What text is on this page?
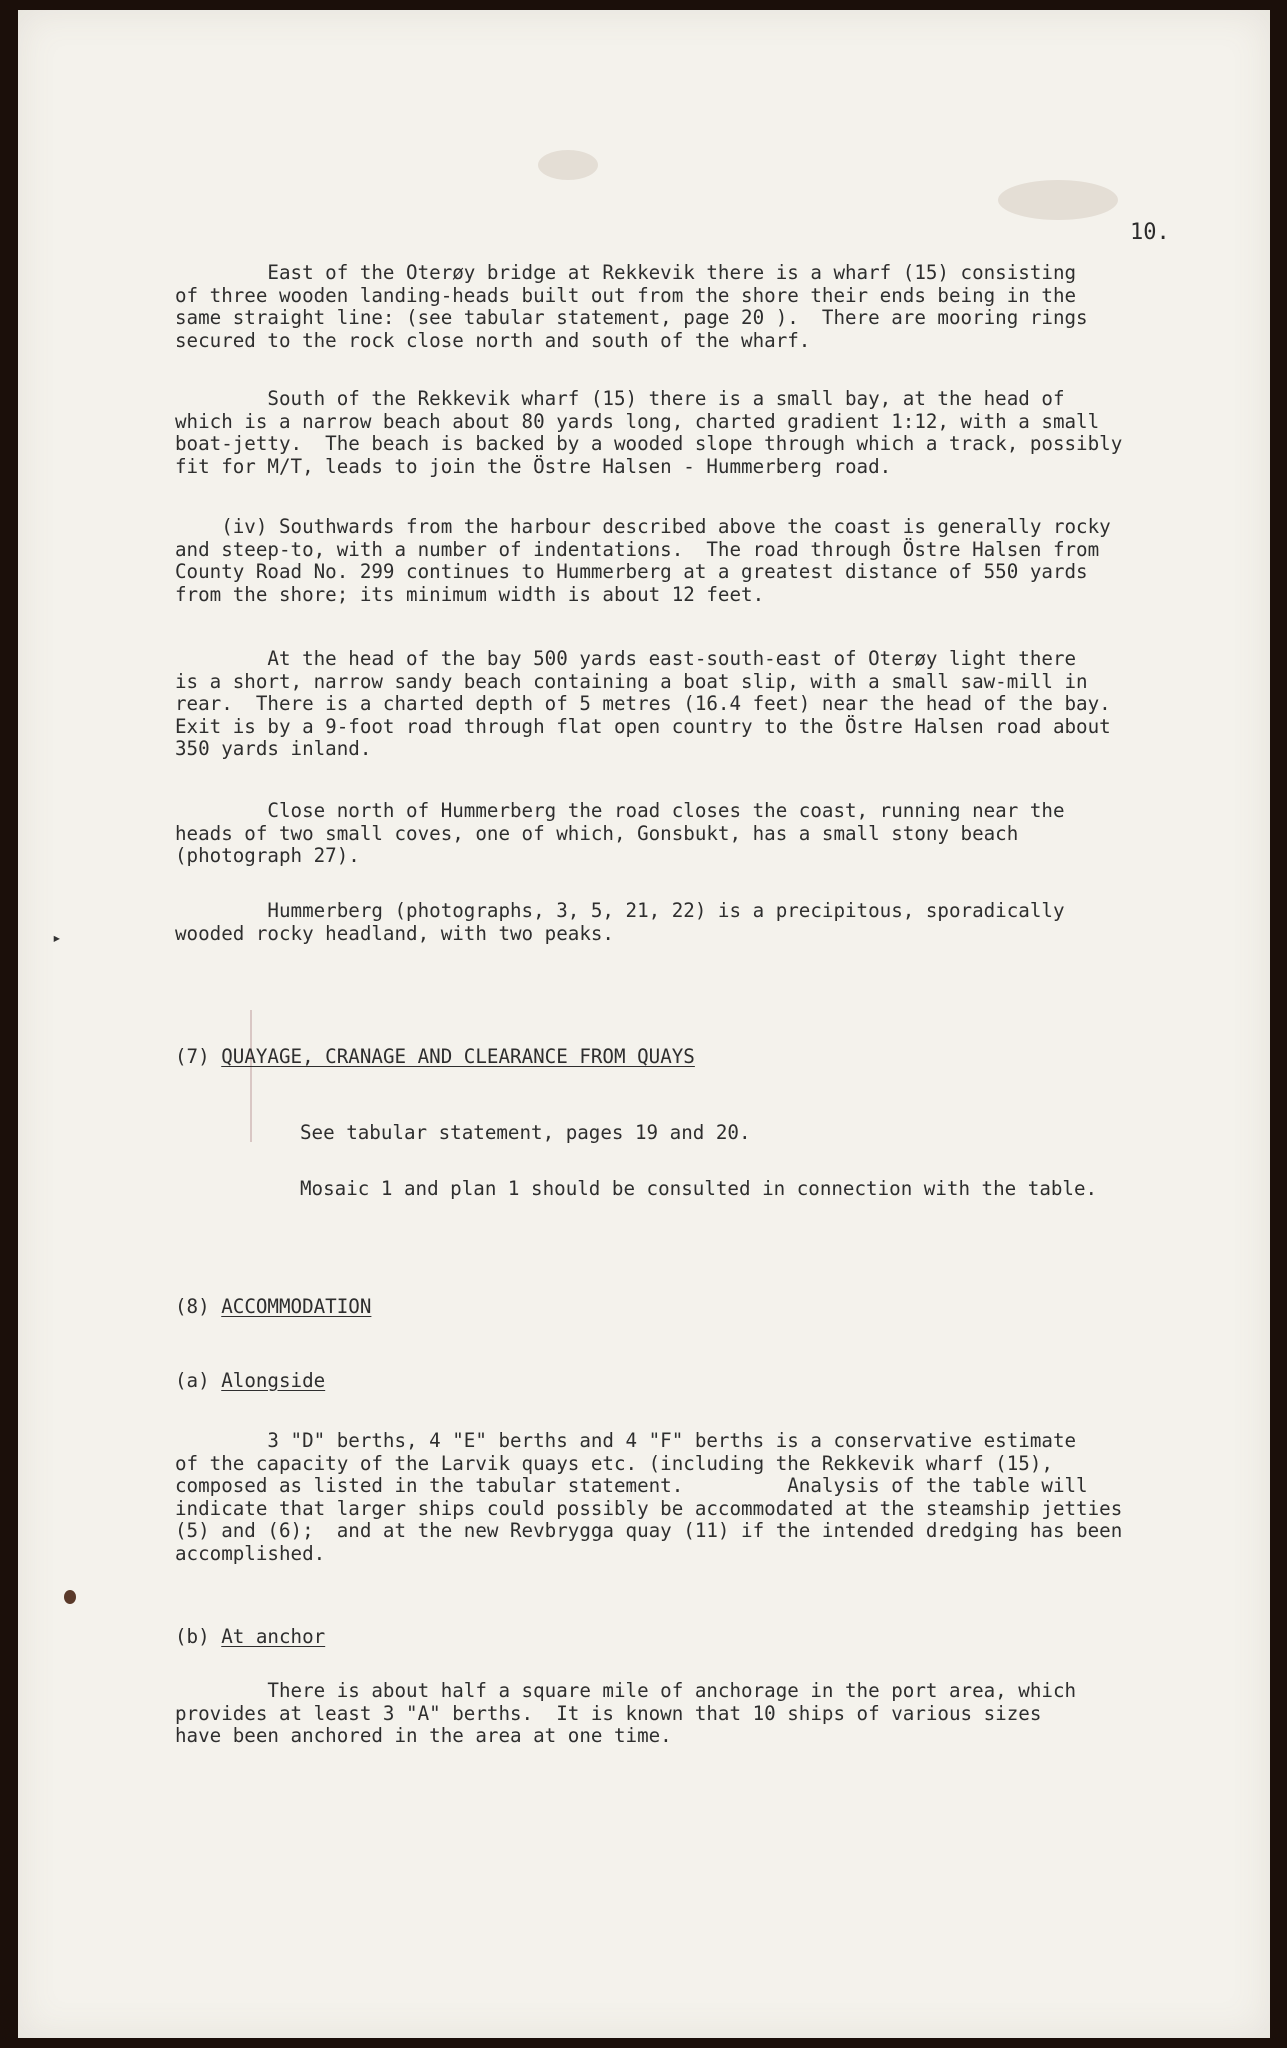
▸
10.
East of the Oterøy bridge at Rekkevik there is a wharf (15) consisting
of three wooden landing-heads built out from the shore their ends being in the
same straight line: (see tabular statement, page 20 ).  There are mooring rings
secured to the rock close north and south of the wharf.
South of the Rekkevik wharf (15) there is a small bay, at the head of
which is a narrow beach about 80 yards long, charted gradient 1:12, with a small
boat-jetty.  The beach is backed by a wooded slope through which a track, possibly
fit for M/T, leads to join the Östre Halsen - Hummerberg road.
(iv) Southwards from the harbour described above the coast is generally rocky
and steep-to, with a number of indentations.  The road through Östre Halsen from
County Road No. 299 continues to Hummerberg at a greatest distance of 550 yards
from the shore; its minimum width is about 12 feet.
At the head of the bay 500 yards east-south-east of Oterøy light there
is a short, narrow sandy beach containing a boat slip, with a small saw-mill in
rear.  There is a charted depth of 5 metres (16.4 feet) near the head of the bay.
Exit is by a 9-foot road through flat open country to the Östre Halsen road about
350 yards inland.
Close north of Hummerberg the road closes the coast, running near the
heads of two small coves, one of which, Gonsbukt, has a small stony beach
(photograph 27).
Hummerberg (photographs, 3, 5, 21, 22) is a precipitous, sporadically
wooded rocky headland, with two peaks.
(7) QUAYAGE, CRANAGE AND CLEARANCE FROM QUAYS
See tabular statement, pages 19 and 20.
Mosaic 1 and plan 1 should be consulted in connection with the table.
(8) ACCOMMODATION
(a) Alongside
3 "D" berths, 4 "E" berths and 4 "F" berths is a conservative estimate
of the capacity of the Larvik quays etc. (including the Rekkevik wharf (15),
composed as listed in the tabular statement.         Analysis of the table will
indicate that larger ships could possibly be accommodated at the steamship jetties
(5) and (6);  and at the new Revbrygga quay (11) if the intended dredging has been
accomplished.
(b) At anchor
There is about half a square mile of anchorage in the port area, which
provides at least 3 "A" berths.  It is known that 10 ships of various sizes
have been anchored in the area at one time.
